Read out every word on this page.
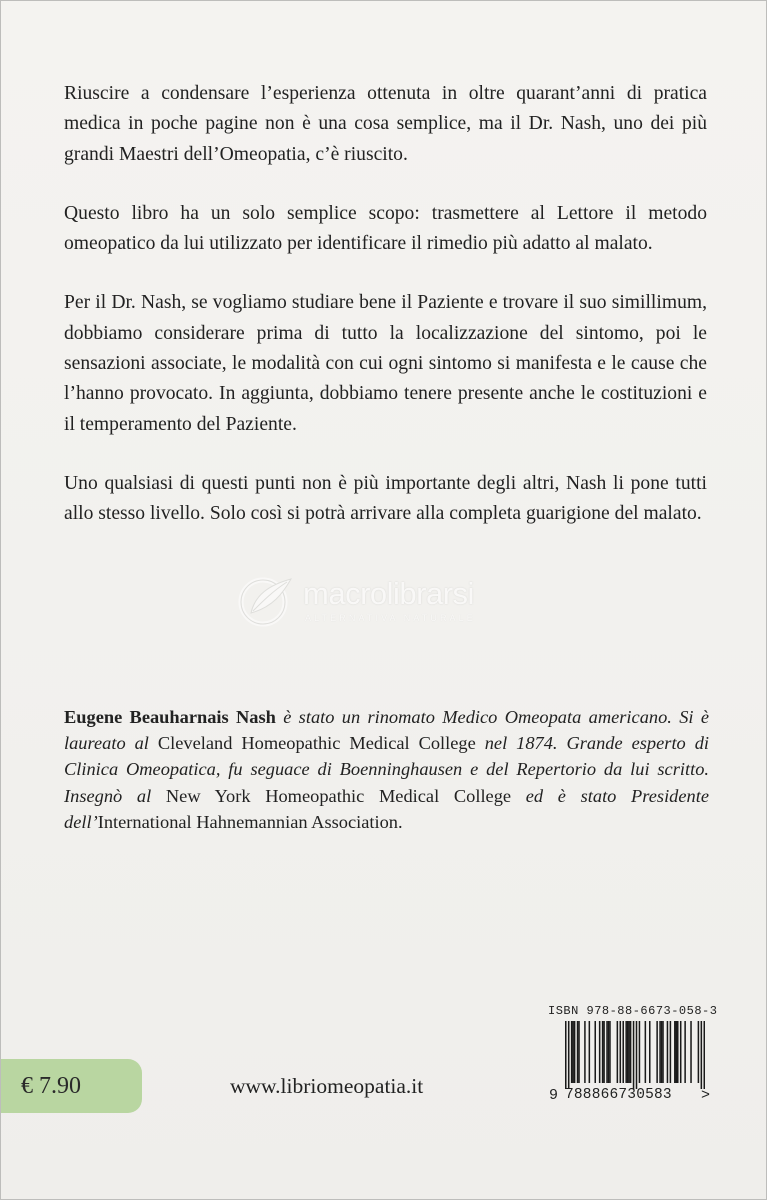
Riuscire a condensare l’esperienza ottenuta in oltre quarant’anni di pratica medica in poche pagine non è una cosa semplice, ma il Dr. Nash, uno dei più grandi Maestri dell’Omeopatia, c’è riuscito.

Questo libro ha un solo semplice scopo: trasmettere al Lettore il metodo omeopatico da lui utilizzato per identificare il rimedio più adatto al malato.

Per il Dr. Nash, se vogliamo studiare bene il Paziente e trovare il suo simillimum, dobbiamo considerare prima di tutto la localizzazione del sintomo, poi le sensazioni associate, le modalità con cui ogni sintomo si manifesta e le cause che l’hanno provocato. In aggiunta, dobbiamo tenere presente anche le costituzioni e il temperamento del Paziente.

Uno qualsiasi di questi punti non è più importante degli altri, Nash li pone tutti allo stesso livello. Solo così si potrà arrivare alla completa guarigione del malato.

macrolibrarsi
ALTERNATIVA NATURALE
Eugene Beauharnais Nash è stato un rinomato Medico Omeopata americano. Si è laureato al Cleveland Homeopathic Medical College nel 1874. Grande esperto di Clinica Omeopatica, fu seguace di Boenninghausen e del Repertorio da lui scritto. Insegnò al New York Homeopathic Medical College ed è stato Presidente dell’International Hahnemannian Association.
ISBN 978-88-6673-058-3
9 788866730583	>
€ 7.90	www.libriomeopatia.it
